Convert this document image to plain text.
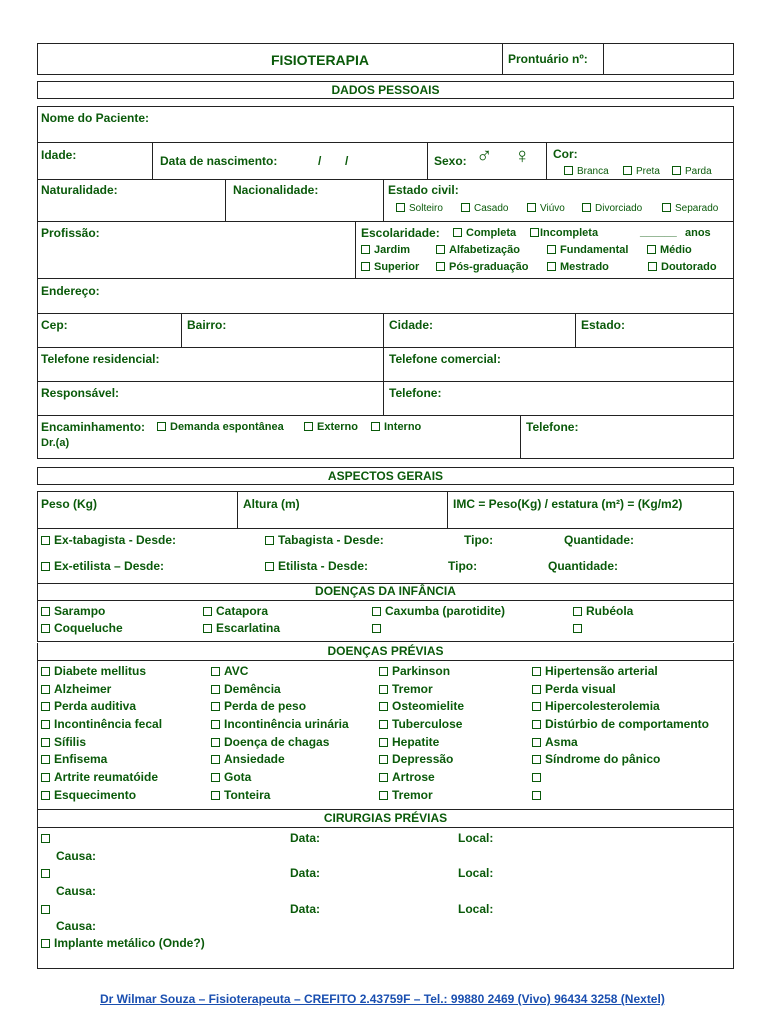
FISIOTERAPIA	Prontuário nº:
DADOS PESSOAIS
Nome do Paciente:
Idade:	Data de nascimento:	/ /	Sexo: ♂ ♀ Cor:
Branca	Preta	Parda
Naturalidade:	Nacionalidade:	Estado civil:
Solteiro	Casado	Viúvo	Divorciado	Separado
Profissão:	Escolaridade:	Completa	Incompleta	______ anos
Jardim	Alfabetização	Fundamental	Médio
Superior	Pós-graduação	Mestrado	Doutorado
Endereço:
Cep:	Bairro:	Cidade:	Estado:
Telefone residencial:	Telefone comercial:
Responsável:	Telefone:
Encaminhamento:	Demanda espontânea	Externo	Interno
Dr.(a)
Telefone:
ASPECTOS GERAIS
Peso (Kg)	Altura (m)	IMC = Peso(Kg) / estatura (m²) = (Kg/m2)
Ex-tabagista - Desde:	Tabagista - Desde:	Tipo:	Quantidade:
Ex-etilista – Desde:	Etilista - Desde:	Tipo:	Quantidade:
DOENÇAS DA INFÂNCIA
Sarampo	Catapora	Caxumba (parotidite)	Rubéola
Coqueluche	Escarlatina
DOENÇAS PRÉVIAS
Diabete mellitus	AVC	Parkinson	Hipertensão arterial
Alzheimer	Demência	Tremor	Perda visual
Perda auditiva	Perda de peso	Osteomielite	Hipercolesterolemia
Incontinência fecal	Incontinência urinária	Tuberculose	Distúrbio de comportamento
Sífilis	Doença de chagas	Hepatite	Asma
Enfisema	Ansiedade	Depressão	Síndrome do pânico
Artrite reumatóide	Gota	Artrose
Esquecimento	Tonteira	Tremor
CIRURGIAS PRÉVIAS
Data:	Local:
Causa:
Data:	Local:
Causa:
Data:	Local:
Causa:
Implante metálico (Onde?)
Dr Wilmar Souza – Fisioterapeuta – CREFITO 2.43759F – Tel.: 99880 2469 (Vivo) 96434 3258 (Nextel)
